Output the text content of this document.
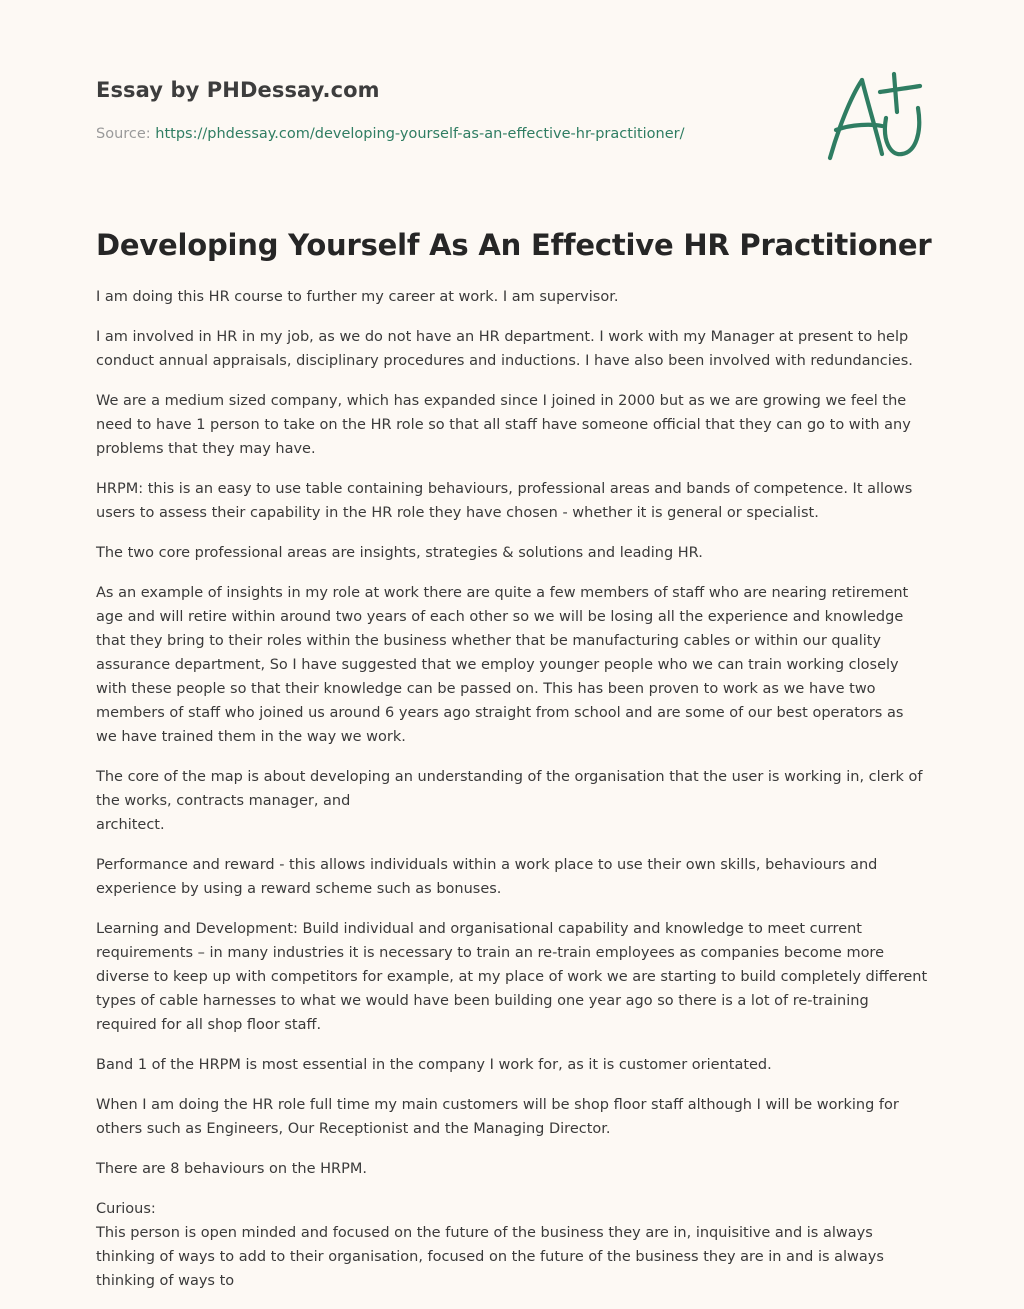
Essay by PHDessay.com
Source: https://phdessay.com/developing-yourself-as-an-effective-hr-practitioner/
Developing Yourself As An Effective HR Practitioner

I am doing this HR course to further my career at work. I am supervisor.

I am involved in HR in my job, as we do not have an HR department. I work with my Manager at present to help conduct annual appraisals, disciplinary procedures and inductions. I have also been involved with redundancies.

We are a medium sized company, which has expanded since I joined in 2000 but as we are growing we feel the need to have 1 person to take on the HR role so that all staff have someone official that they can go to with any problems that they may have.

HRPM: this is an easy to use table containing behaviours, professional areas and bands of competence. It allows users to assess their capability in the HR role they have chosen - whether it is general or specialist.

The two core professional areas are insights, strategies & solutions and leading HR.

As an example of insights in my role at work there are quite a few members of staff who are nearing retirement age and will retire within around two years of each other so we will be losing all the experience and knowledge that they bring to their roles within the business whether that be manufacturing cables or within our quality assurance department, So I have suggested that we employ younger people who we can train working closely with these people so that their knowledge can be passed on. This has been proven to work as we have two members of staff who joined us around 6 years ago straight from school and are some of our best operators as we have trained them in the way we work.

The core of the map is about developing an understanding of the organisation that the user is working in, clerk of the works, contracts manager, and
architect.

Performance and reward - this allows individuals within a work place to use their own skills, behaviours and experience by using a reward scheme such as bonuses.

Learning and Development: Build individual and organisational capability and knowledge to meet current requirements – in many industries it is necessary to train an re-train employees as companies become more diverse to keep up with competitors for example, at my place of work we are starting to build completely different types of cable harnesses to what we would have been building one year ago so there is a lot of re-training required for all shop floor staff.

Band 1 of the HRPM is most essential in the company I work for, as it is customer orientated.

When I am doing the HR role full time my main customers will be shop floor staff although I will be working for others such as Engineers, Our Receptionist and the Managing Director.

There are 8 behaviours on the HRPM.

Curious:
This person is open minded and focused on the future of the business they are in, inquisitive and is always thinking of ways to add to their organisation, focused on the future of the business they are in and is always thinking of ways to
